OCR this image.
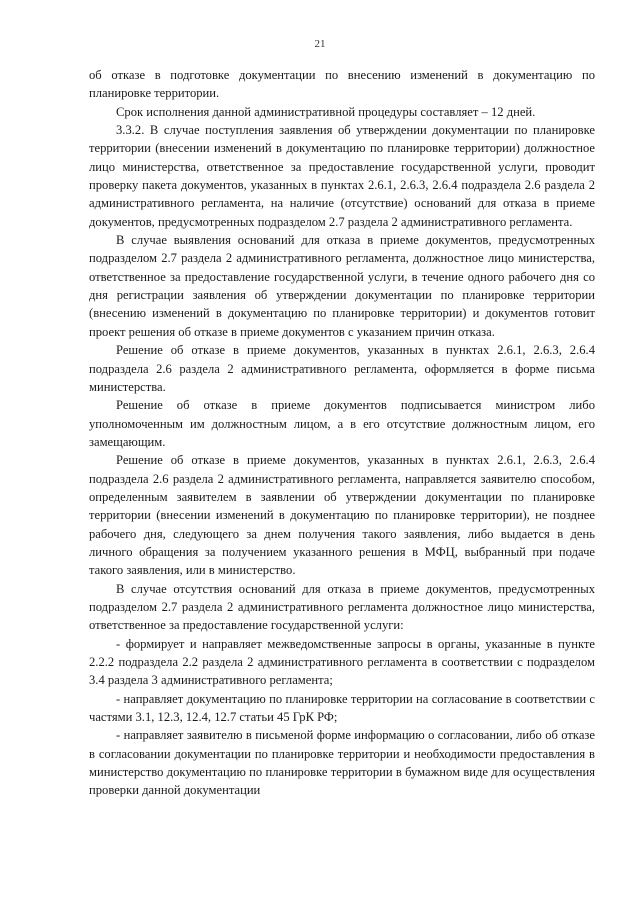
21

об отказе в подготовке документации по внесению изменений в документацию по планировке территории.

Срок исполнения данной административной процедуры составляет – 12 дней.

3.3.2. В случае поступления заявления об утверждении документации по планировке территории (внесении изменений в документацию по планировке территории) должностное лицо министерства, ответственное за предоставление государственной услуги, проводит проверку пакета документов, указанных в пунктах 2.6.1, 2.6.3, 2.6.4 подраздела 2.6 раздела 2 административного регламента, на наличие (отсутствие) оснований для отказа в приеме документов, предусмотренных подразделом 2.7 раздела 2 административного регламента.

В случае выявления оснований для отказа в приеме документов, предусмотренных подразделом 2.7 раздела 2 административного регламента, должностное лицо министерства, ответственное за предоставление государственной услуги, в течение одного рабочего дня со дня регистрации заявления об утверждении документации по планировке территории (внесению изменений в документацию по планировке территории) и документов готовит проект решения об отказе в приеме документов с указанием причин отказа.

Решение об отказе в приеме документов, указанных в пунктах 2.6.1, 2.6.3, 2.6.4 подраздела 2.6 раздела 2 административного регламента, оформляется в форме письма министерства.

Решение об отказе в приеме документов подписывается министром либо уполномоченным им должностным лицом, а в его отсутствие должностным лицом, его замещающим.

Решение об отказе в приеме документов, указанных в пунктах 2.6.1, 2.6.3, 2.6.4 подраздела 2.6 раздела 2 административного регламента, направляется заявителю способом, определенным заявителем в заявлении об утверждении документации по планировке территории (внесении изменений в документацию по планировке территории), не позднее рабочего дня, следующего за днем получения такого заявления, либо выдается в день личного обращения за получением указанного решения в МФЦ, выбранный при подаче такого заявления, или в министерство.

В случае отсутствия оснований для отказа в приеме документов, предусмотренных подразделом 2.7 раздела 2 административного регламента должностное лицо министерства, ответственное за предоставление государственной услуги:

- формирует и направляет межведомственные запросы в органы, указанные в пункте 2.2.2 подраздела 2.2 раздела 2 административного регламента в соответствии с подразделом 3.4 раздела 3 административного регламента;

- направляет документацию по планировке территории на согласование в соответствии с частями 3.1, 12.3, 12.4, 12.7 статьи 45 ГрК РФ;

- направляет заявителю в письменой форме информацию о согласовании, либо об отказе в согласовании документации по планировке территории и необходимости предоставления в министерство документацию по планировке территории в бумажном виде для осуществления проверки данной документации
